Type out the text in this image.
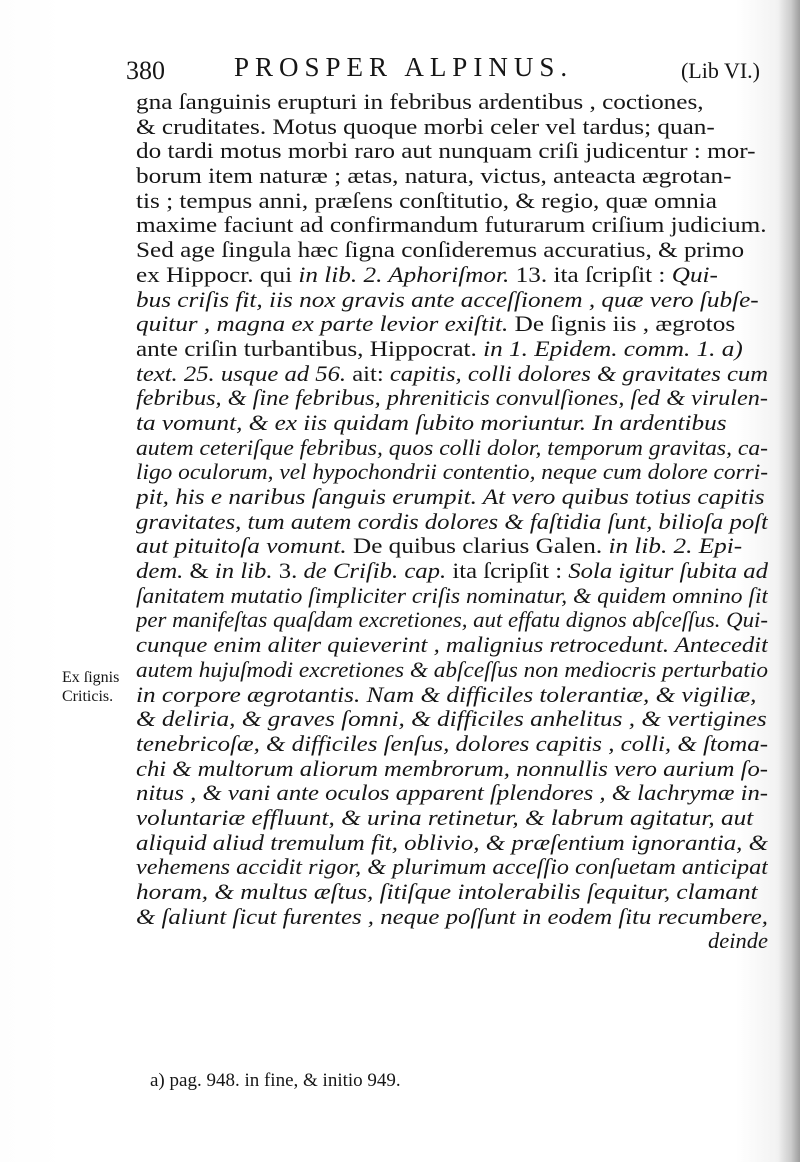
380	PROSPER ALPINUS.	(Lib VI.)
gna ſanguinis erupturi in febribus ardentibus , coctiones,
& cruditates. Motus quoque morbi celer vel tardus; quan-
do tardi motus morbi raro aut nunquam criſi judicentur : mor-
borum item naturæ ; ætas, natura, victus, anteacta ægrotan-
tis ; tempus anni, præſens conſtitutio, & regio, quæ omnia
maxime faciunt ad confirmandum futurarum criſium judicium.
Sed age ſingula hæc ſigna conſideremus accuratius, & primo
ex Hippocr. qui in lib. 2. Aphoriſmor. 13. ita ſcripſit : Qui-
bus criſis fit, iis nox gravis ante acceſſionem , quæ vero ſubſe-
quitur , magna ex parte levior exiſtit. De ſignis iis , ægrotos
ante criſin turbantibus, Hippocrat. in 1. Epidem. comm. 1. a)
text. 25. usque ad 56. ait: capitis, colli dolores & gravitates cum
febribus, & ſine febribus, phreniticis convulſiones, ſed & virulen-
ta vomunt, & ex iis quidam ſubito moriuntur. In ardentibus
autem ceteriſque febribus, quos colli dolor, temporum gravitas, ca-
ligo oculorum, vel hypochondrii contentio, neque cum dolore corri-
pit, his e naribus ſanguis erumpit. At vero quibus totius capitis
gravitates, tum autem cordis dolores & faſtidia ſunt, bilioſa poſt
aut pituitoſa vomunt. De quibus clarius Galen. in lib. 2. Epi-
dem. & in lib. 3. de Criſib. cap. ita ſcripſit : Sola igitur ſubita ad
ſanitatem mutatio ſimpliciter criſis nominatur, & quidem omnino ſit
per manifeſtas quaſdam excretiones, aut effatu dignos abſceſſus. Qui-
cunque enim aliter quieverint , malignius retrocedunt. Antecedit
autem hujuſmodi excretiones & abſceſſus non mediocris perturbatio
in corpore ægrotantis. Nam & difficiles tolerantiæ, & vigiliæ,
& deliria, & graves ſomni, & difficiles anhelitus , & vertigines
tenebricoſæ, & difficiles ſenſus, dolores capitis , colli, & ſtoma-
chi & multorum aliorum membrorum, nonnullis vero aurium ſo-
nitus , & vani ante oculos apparent ſplendores , & lachrymæ in-
voluntariæ effluunt, & urina retinetur, & labrum agitatur, aut
aliquid aliud tremulum fit, oblivio, & præſentium ignorantia, &
vehemens accidit rigor, & plurimum acceſſio conſuetam anticipat
horam, & multus æſtus, ſitiſque intolerabilis ſequitur, clamant
& ſaliunt ſicut furentes , neque poſſunt in eodem ſitu recumbere,
deinde
Ex ſignis
Criticis.
a) pag. 948. in fine, & initio 949.
